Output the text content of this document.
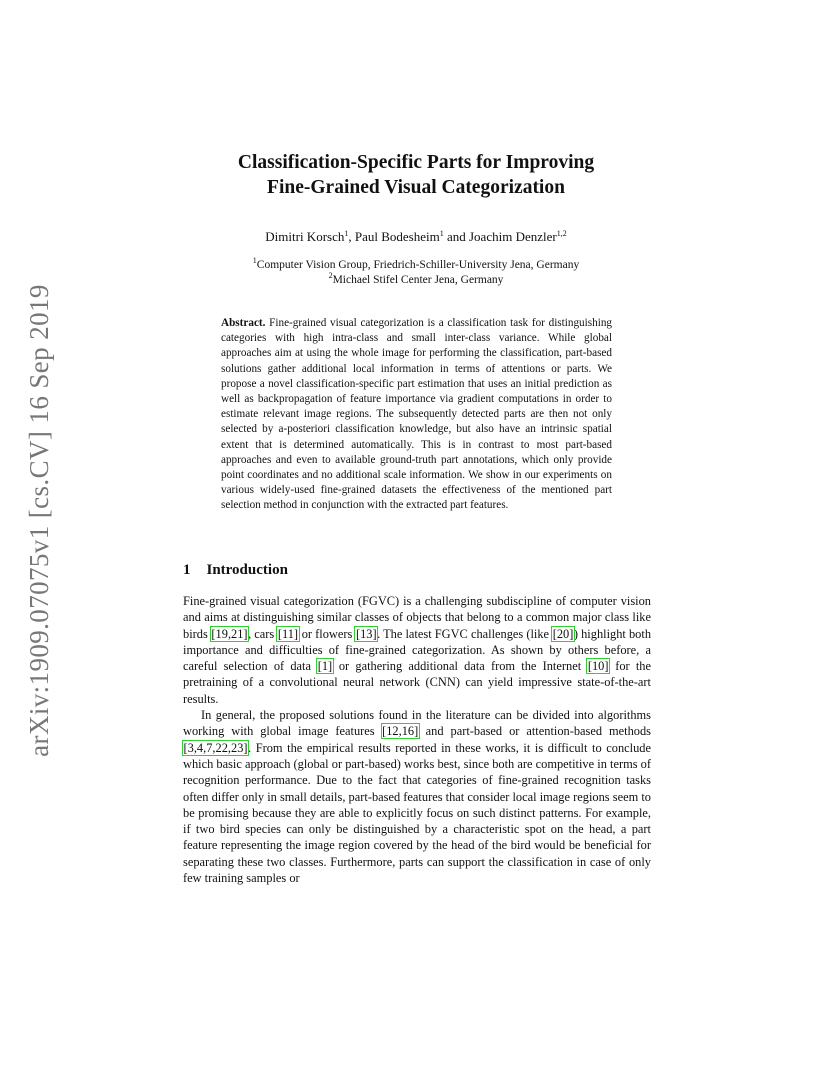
arXiv:1909.07075v1 [cs.CV] 16 Sep 2019
Classification-Specific Parts for Improving
Fine-Grained Visual Categorization
Dimitri Korsch$^1$, Paul Bodesheim$^1$ and Joachim Denzler$^{1,2}$
$^1$Computer Vision Group, Friedrich-Schiller-University Jena, Germany
$^2$Michael Stifel Center Jena, Germany
Abstract. Fine-grained visual categorization is a classification task for distinguishing categories with high intra-class and small inter-class variance. While global approaches aim at using the whole image for performing the classification, part-based solutions gather additional local information in terms of attentions or parts. We propose a novel classification-specific part estimation that uses an initial prediction as well as backpropagation of feature importance via gradient computations in order to estimate relevant image regions. The subsequently detected parts are then not only selected by a-posteriori classification knowledge, but also have an intrinsic spatial extent that is determined automatically. This is in contrast to most part-based approaches and even to available ground-truth part annotations, which only provide point coordinates and no additional scale information. We show in our experiments on various widely-used fine-grained datasets the effectiveness of the mentioned part selection method in conjunction with the extracted part features.
1 Introduction

Fine-grained visual categorization (FGVC) is a challenging subdiscipline of computer vision and aims at distinguishing similar classes of objects that belong to a common major class like birds [19,21], cars [11] or flowers [13]. The latest FGVC challenges (like [20]) highlight both importance and difficulties of fine-grained categorization. As shown by others before, a careful selection of data [1] or gathering additional data from the Internet [10] for the pretraining of a convolutional neural network (CNN) can yield impressive state-of-the-art results.

In general, the proposed solutions found in the literature can be divided into algorithms working with global image features [12,16] and part-based or attention-based methods [3,4,7,22,23]. From the empirical results reported in these works, it is difficult to conclude which basic approach (global or part-based) works best, since both are competitive in terms of recognition performance. Due to the fact that categories of fine-grained recognition tasks often differ only in small details, part-based features that consider local image regions seem to be promising because they are able to explicitly focus on such distinct patterns. For example, if two bird species can only be distinguished by a characteristic spot on the head, a part feature representing the image region covered by the head of the bird would be beneficial for separating these two classes. Furthermore, parts can support the classification in case of only few training samples or
